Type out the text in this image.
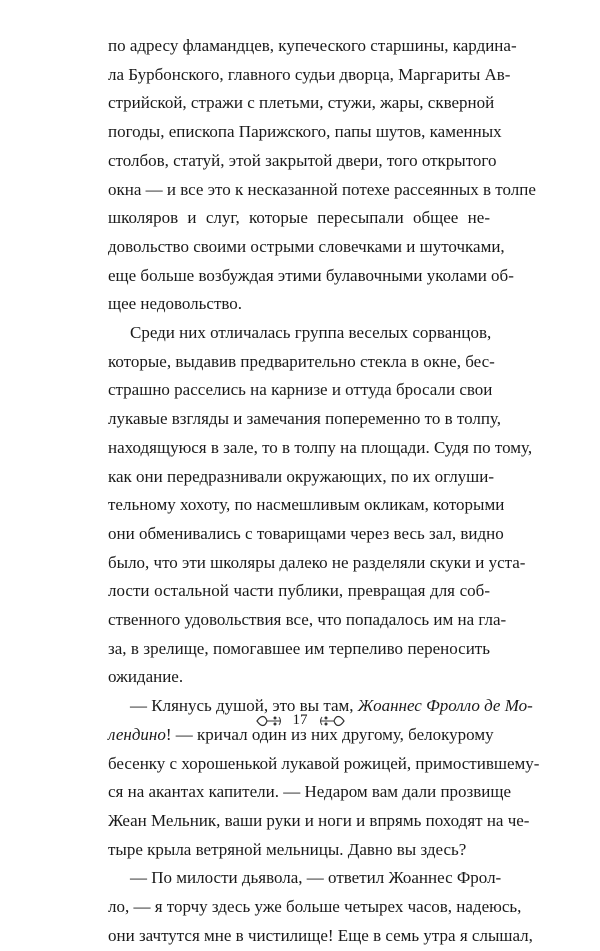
по адресу фламандцев, купеческого старшины, кардина-
ла Бурбонского, главного судьи дворца, Маргариты Ав-
стрийской, стражи с плетьми, стужи, жары, скверной
погоды, епископа Парижского, папы шутов, каменных
столбов, статуй, этой закрытой двери, того открытого
окна — и все это к несказанной потехе рассеянных в толпе
школяров и слуг, которые пересыпали общее не-
довольство своими острыми словечками и шуточками,
еще больше возбуждая этими булавочными уколами об-
щее недовольство.
Среди них отличалась группа веселых сорванцов,
которые, выдавив предварительно стекла в окне, бес-
страшно расселись на карнизе и оттуда бросали свои
лукавые взгляды и замечания попеременно то в толпу,
находящуюся в зале, то в толпу на площади. Судя по тому,
как они передразнивали окружающих, по их оглуши-
тельному хохоту, по насмешливым окликам, которыми
они обменивались с товарищами через весь зал, видно
было, что эти школяры далеко не разделяли скуки и уста-
лости остальной части публики, превращая для соб-
ственного удовольствия все, что попадалось им на гла-
за, в зрелище, помогавшее им терпеливо переносить
ожидание.
— Клянусь душой, это вы там, Жоаннес Фролло де Мо-
лендино! — кричал один из них другому, белокурому
бесенку с хорошенькой лукавой рожицей, примостившему-
ся на акантах капители. — Недаром вам дали прозвище
Жеан Мельник, ваши руки и ноги и впрямь походят на че-
тыре крыла ветряной мельницы. Давно вы здесь?
— По милости дьявола, — ответил Жоаннес Фрол-
ло, — я торчу здесь уже больше четырех часов, надеюсь,
они зачтутся мне в чистилище! Еще в семь утра я слышал,
17
